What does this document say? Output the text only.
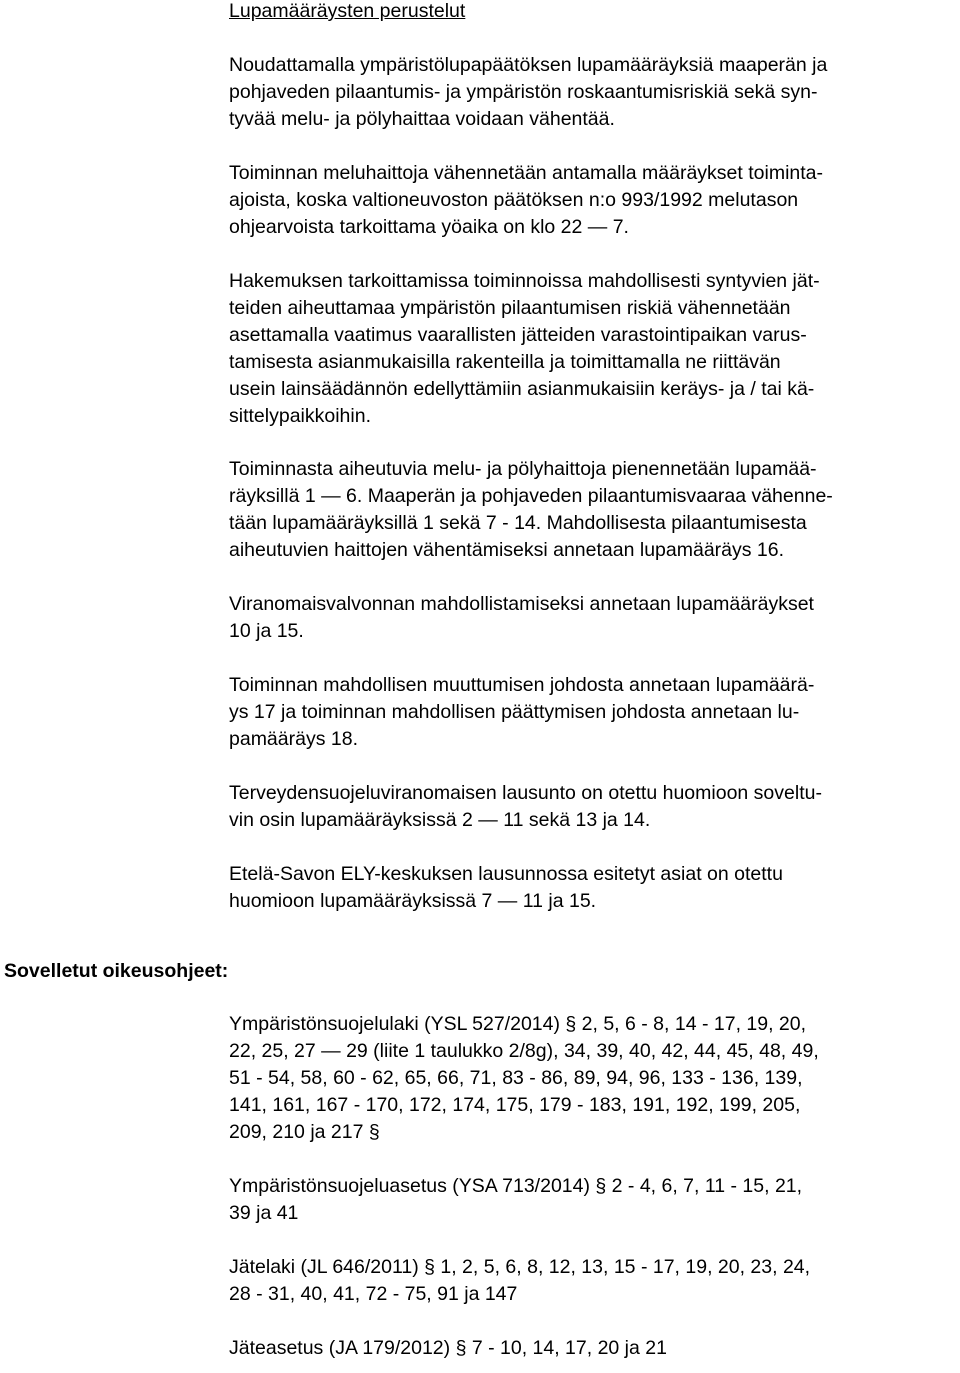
Lupamääräysten perustelut
Sovelletut oikeusohjeet:

Noudattamalla ympäristölupapäätöksen lupamääräyksiä maaperän ja
pohjaveden pilaantumis- ja ympäristön roskaantumisriskiä sekä syn-
tyvää melu- ja pölyhaittaa voidaan vähentää.

Toiminnan meluhaittoja vähennetään antamalla määräykset toiminta-
ajoista, koska valtioneuvoston päätöksen n:o 993/1992 melutason
ohjearvoista tarkoittama yöaika on klo 22 — 7.

Hakemuksen tarkoittamissa toiminnoissa mahdollisesti syntyvien jät-
teiden aiheuttamaa ympäristön pilaantumisen riskiä vähennetään
asettamalla vaatimus vaarallisten jätteiden varastointipaikan varus-
tamisesta asianmukaisilla rakenteilla ja toimittamalla ne riittävän
usein lainsäädännön edellyttämiin asianmukaisiin keräys- ja / tai kä-
sittelypaikkoihin.

Toiminnasta aiheutuvia melu- ja pölyhaittoja pienennetään lupamää-
räyksillä 1 — 6. Maaperän ja pohjaveden pilaantumisvaaraa vähenne-
tään lupamääräyksillä 1 sekä 7 - 14. Mahdollisesta pilaantumisesta
aiheutuvien haittojen vähentämiseksi annetaan lupamääräys 16.

Viranomaisvalvonnan mahdollistamiseksi annetaan lupamääräykset
10 ja 15.

Toiminnan mahdollisen muuttumisen johdosta annetaan lupamäärä-
ys 17 ja toiminnan mahdollisen päättymisen johdosta annetaan lu-
pamääräys 18.

Terveydensuojeluviranomaisen lausunto on otettu huomioon soveltu-
vin osin lupamääräyksissä 2 — 11 sekä 13 ja 14.

Etelä-Savon ELY-keskuksen lausunnossa esitetyt asiat on otettu
huomioon lupamääräyksissä 7 — 11 ja 15.

Ympäristönsuojelulaki (YSL 527/2014) § 2, 5, 6 - 8, 14 - 17, 19, 20,
22, 25, 27 — 29 (liite 1 taulukko 2/8g), 34, 39, 40, 42, 44, 45, 48, 49,
51 - 54, 58, 60 - 62, 65, 66, 71, 83 - 86, 89, 94, 96, 133 - 136, 139,
141, 161, 167 - 170, 172, 174, 175, 179 - 183, 191, 192, 199, 205,
209, 210 ja 217 §

Ympäristönsuojeluasetus (YSA 713/2014) § 2 - 4, 6, 7, 11 - 15, 21,
39 ja 41

Jätelaki (JL 646/2011) § 1, 2, 5, 6, 8, 12, 13, 15 - 17, 19, 20, 23, 24,
28 - 31, 40, 41, 72 - 75, 91 ja 147

Jäteasetus (JA 179/2012) § 7 - 10, 14, 17, 20 ja 21
